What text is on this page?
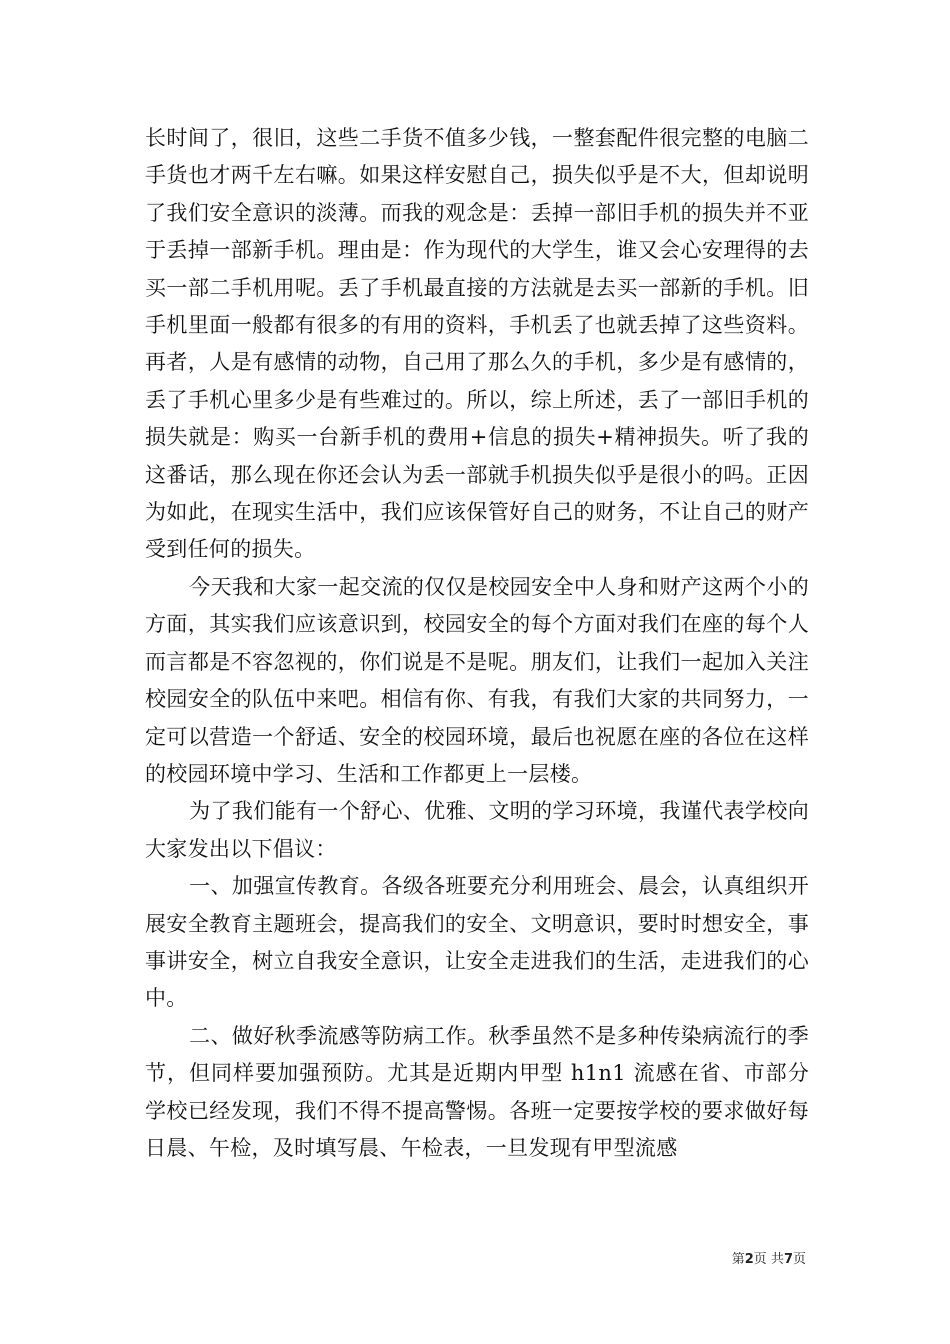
长时间了，很旧，这些二手货不值多少钱，一整套配件很完整的电脑二手货也才两千左右嘛。如果这样安慰自己，损失似乎是不大，但却说明了我们安全意识的淡薄。而我的观念是：丢掉一部旧手机的损失并不亚于丢掉一部新手机。理由是：作为现代的大学生，谁又会心安理得的去买一部二手机用呢。丢了手机最直接的方法就是去买一部新的手机。旧手机里面一般都有很多的有用的资料，手机丢了也就丢掉了这些资料。再者，人是有感情的动物，自己用了那么久的手机，多少是有感情的，丢了手机心里多少是有些难过的。所以，综上所述，丢了一部旧手机的损失就是：购买一台新手机的费用+信息的损失+精神损失。听了我的这番话，那么现在你还会认为丢一部就手机损失似乎是很小的吗。正因为如此，在现实生活中，我们应该保管好自己的财务，不让自己的财产受到任何的损失。

今天我和大家一起交流的仅仅是校园安全中人身和财产这两个小的方面，其实我们应该意识到，校园安全的每个方面对我们在座的每个人而言都是不容忽视的，你们说是不是呢。朋友们，让我们一起加入关注校园安全的队伍中来吧。相信有你、有我，有我们大家的共同努力，一定可以营造一个舒适、安全的校园环境，最后也祝愿在座的各位在这样的校园环境中学习、生活和工作都更上一层楼。

为了我们能有一个舒心、优雅、文明的学习环境，我谨代表学校向大家发出以下倡议：

一、加强宣传教育。各级各班要充分利用班会、晨会，认真组织开展安全教育主题班会，提高我们的安全、文明意识，要时时想安全，事事讲安全，树立自我安全意识，让安全走进我们的生活，走进我们的心中。

二、做好秋季流感等防病工作。秋季虽然不是多种传染病流行的季节，但同样要加强预防。尤其是近期内甲型 h1n1 流感在省、市部分学校已经发现，我们不得不提高警惕。各班一定要按学校的要求做好每日晨、午检，及时填写晨、午检表，一旦发现有甲型流感

第2页 共7页
